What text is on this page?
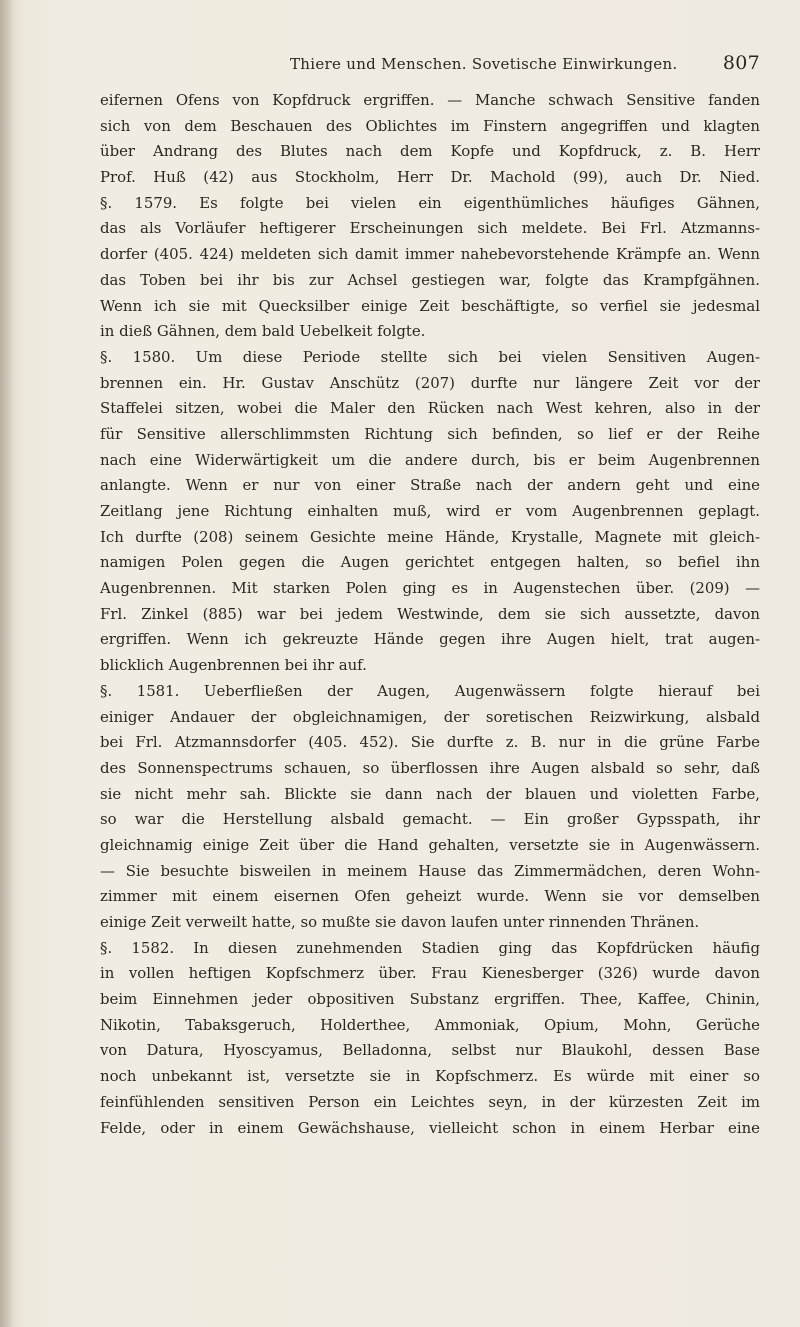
Thiere und Menschen. Sovetische Einwirkungen. 807
eifernen Ofens von Kopfdruck ergriffen. — Manche schwach Sensitive fanden
sich von dem Beschauen des Oblichtes im Finstern angegriffen und klagten
über Andrang des Blutes nach dem Kopfe und Kopfdruck, z. B. Herr
Prof. Huß (42) aus Stockholm, Herr Dr. Machold (99), auch Dr. Nied.
§. 1579. Es folgte bei vielen ein eigenthümliches häufiges Gähnen,
das als Vorläufer heftigerer Erscheinungen sich meldete. Bei Frl. Atzmanns-
dorfer (405. 424) meldeten sich damit immer nahebevorstehende Krämpfe an. Wenn
das Toben bei ihr bis zur Achsel gestiegen war, folgte das Krampfgähnen.
Wenn ich sie mit Quecksilber einige Zeit beschäftigte, so verfiel sie jedesmal
in dieß Gähnen, dem bald Uebelkeit folgte.
§. 1580. Um diese Periode stellte sich bei vielen Sensitiven Augen-
brennen ein. Hr. Gustav Anschütz (207) durfte nur längere Zeit vor der
Staffelei sitzen, wobei die Maler den Rücken nach West kehren, also in der
für Sensitive allerschlimmsten Richtung sich befinden, so lief er der Reihe
nach eine Widerwärtigkeit um die andere durch, bis er beim Augenbrennen
anlangte. Wenn er nur von einer Straße nach der andern geht und eine
Zeitlang jene Richtung einhalten muß, wird er vom Augenbrennen geplagt.
Ich durfte (208) seinem Gesichte meine Hände, Krystalle, Magnete mit gleich-
namigen Polen gegen die Augen gerichtet entgegen halten, so befiel ihn
Augenbrennen. Mit starken Polen ging es in Augenstechen über. (209) —
Frl. Zinkel (885) war bei jedem Westwinde, dem sie sich aussetzte, davon
ergriffen. Wenn ich gekreuzte Hände gegen ihre Augen hielt, trat augen-
blicklich Augenbrennen bei ihr auf.
§. 1581. Ueberfließen der Augen, Augenwässern folgte hierauf bei
einiger Andauer der obgleichnamigen, der soretischen Reizwirkung, alsbald
bei Frl. Atzmannsdorfer (405. 452). Sie durfte z. B. nur in die grüne Farbe
des Sonnenspectrums schauen, so überflossen ihre Augen alsbald so sehr, daß
sie nicht mehr sah. Blickte sie dann nach der blauen und violetten Farbe,
so war die Herstellung alsbald gemacht. — Ein großer Gypsspath, ihr
gleichnamig einige Zeit über die Hand gehalten, versetzte sie in Augenwässern.
— Sie besuchte bisweilen in meinem Hause das Zimmermädchen, deren Wohn-
zimmer mit einem eisernen Ofen geheizt wurde. Wenn sie vor demselben
einige Zeit verweilt hatte, so mußte sie davon laufen unter rinnenden Thränen.
§. 1582. In diesen zunehmenden Stadien ging das Kopfdrücken häufig
in vollen heftigen Kopfschmerz über. Frau Kienesberger (326) wurde davon
beim Einnehmen jeder obpositiven Substanz ergriffen. Thee, Kaffee, Chinin,
Nikotin, Tabaksgeruch, Holderthee, Ammoniak, Opium, Mohn, Gerüche
von Datura, Hyoscyamus, Belladonna, selbst nur Blaukohl, dessen Base
noch unbekannt ist, versetzte sie in Kopfschmerz. Es würde mit einer so
feinfühlenden sensitiven Person ein Leichtes seyn, in der kürzesten Zeit im
Felde, oder in einem Gewächshause, vielleicht schon in einem Herbar eine
